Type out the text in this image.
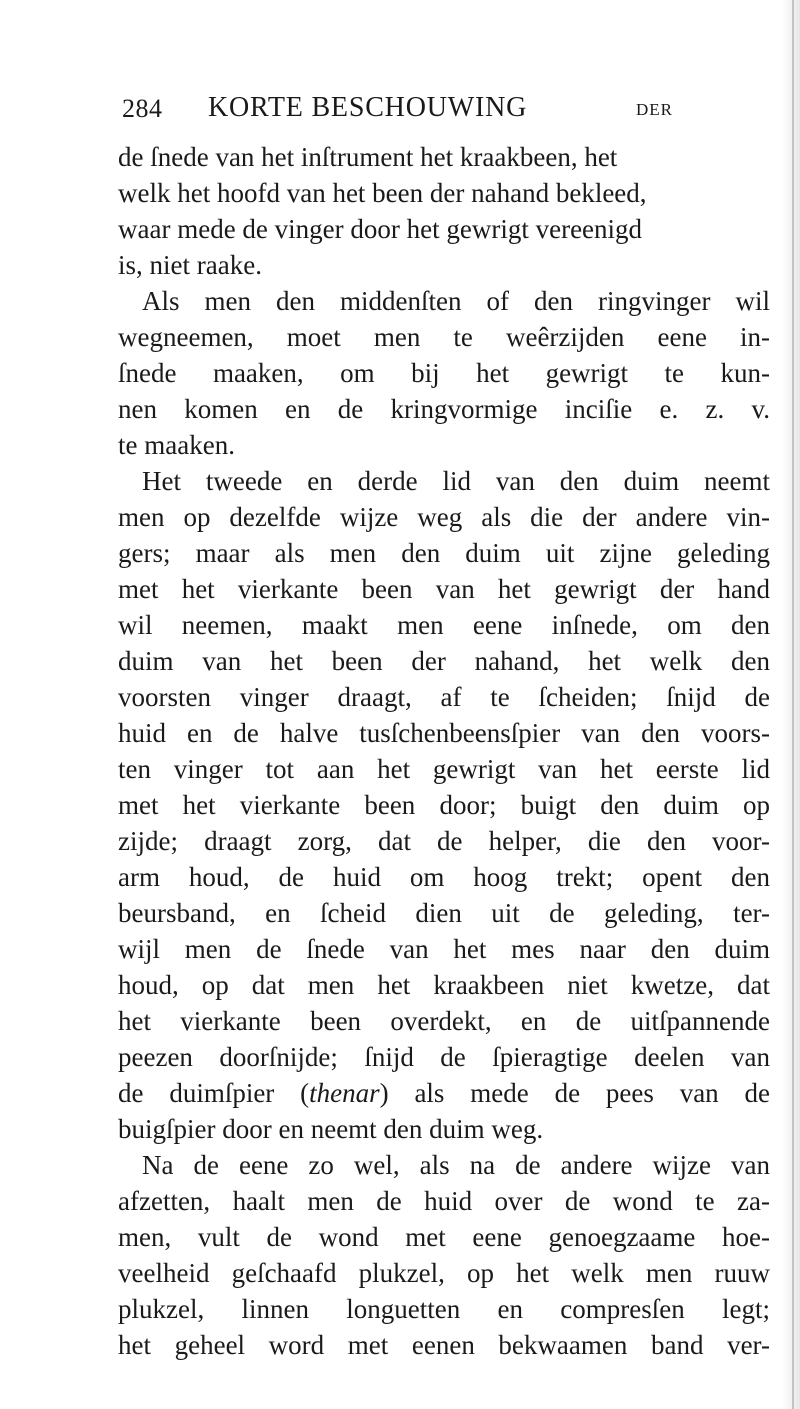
284 KORTE BESCHOUWING	DER
de ſnede van het inſtrument het kraakbeen, het
welk het hoofd van het been der nahand bekleed,
waar mede de vinger door het gewrigt vereenigd
is, niet raake.
Als men den middenſten of den ringvinger wil
wegneemen, moet men te weêrzijden eene in-
ſnede maaken, om bij het gewrigt te kun-
nen komen en de kringvormige inciſie e. z. v.
te maaken.
Het tweede en derde lid van den duim neemt
men op dezelfde wijze weg als die der andere vin-
gers; maar als men den duim uit zijne geleding
met het vierkante been van het gewrigt der hand
wil neemen, maakt men eene inſnede, om den
duim van het been der nahand, het welk den
voorsten vinger draagt, af te ſcheiden; ſnijd de
huid en de halve tusſchenbeensſpier van den voors-
ten vinger tot aan het gewrigt van het eerste lid
met het vierkante been door; buigt den duim op
zijde; draagt zorg, dat de helper, die den voor-
arm houd, de huid om hoog trekt; opent den
beursband, en ſcheid dien uit de geleding, ter-
wijl men de ſnede van het mes naar den duim
houd, op dat men het kraakbeen niet kwetze, dat
het vierkante been overdekt, en de uitſpannende
peezen doorſnijde; ſnijd de ſpieragtige deelen van
de duimſpier (thenar) als mede de pees van de
buigſpier door en neemt den duim weg.
Na de eene zo wel, als na de andere wijze van
afzetten, haalt men de huid over de wond te za-
men, vult de wond met eene genoegzaame hoe-
veelheid geſchaafd plukzel, op het welk men ruuw
plukzel, linnen longuetten en compresſen legt;
het geheel word met eenen bekwaamen band ver-
